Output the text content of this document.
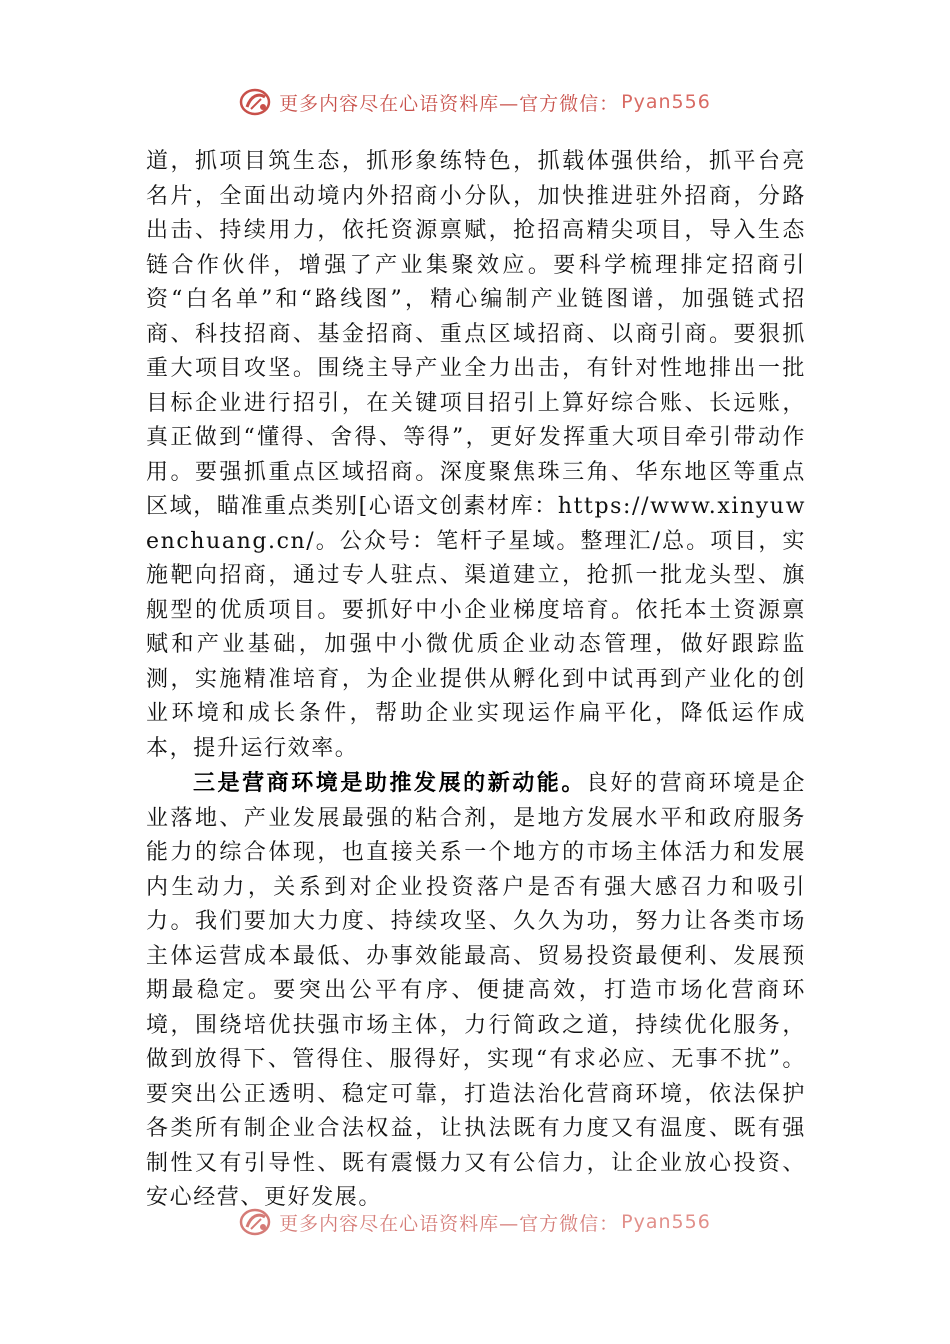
更多内容尽在心语资料库—官方微信： Pyan556

道，抓项目筑生态，抓形象练特色，抓载体强供给，抓平台亮名片，全面出动境内外招商小分队，加快推进驻外招商，分路出击、持续用力，依托资源禀赋，抢招高精尖项目，导入生态链合作伙伴，增强了产业集聚效应。要科学梳理排定招商引资“白名单”和“路线图”，精心编制产业链图谱，加强链式招商、科技招商、基金招商、重点区域招商、以商引商。要狠抓重大项目攻坚。围绕主导产业全力出击，有针对性地排出一批目标企业进行招引，在关键项目招引上算好综合账、长远账，真正做到“懂得、舍得、等得”，更好发挥重大项目牵引带动作用。要强抓重点区域招商。深度聚焦珠三角、华东地区等重点区域，瞄准重点类别[心语文创素材库：https://www.xinyuwenchuang.cn/。公众号：笔杆子星域。整理汇/总。项目，实施靶向招商，通过专人驻点、渠道建立，抢抓一批龙头型、旗舰型的优质项目。要抓好中小企业梯度培育。依托本土资源禀赋和产业基础，加强中小微优质企业动态管理，做好跟踪监测，实施精准培育，为企业提供从孵化到中试再到产业化的创业环境和成长条件，帮助企业实现运作扁平化，降低运作成本，提升运行效率。

三是营商环境是助推发展的新动能。良好的营商环境是企业落地、产业发展最强的粘合剂，是地方发展水平和政府服务能力的综合体现，也直接关系一个地方的市场主体活力和发展内生动力，关系到对企业投资落户是否有强大感召力和吸引力。我们要加大力度、持续攻坚、久久为功，努力让各类市场主体运营成本最低、办事效能最高、贸易投资最便利、发展预期最稳定。要突出公平有序、便捷高效，打造市场化营商环境，围绕培优扶强市场主体，力行简政之道，持续优化服务，做到放得下、管得住、服得好，实现“有求必应、无事不扰”。要突出公正透明、稳定可靠，打造法治化营商环境，依法保护各类所有制企业合法权益，让执法既有力度又有温度、既有强制性又有引导性、既有震慑力又有公信力，让企业放心投资、安心经营、更好发展。

更多内容尽在心语资料库—官方微信： Pyan556
